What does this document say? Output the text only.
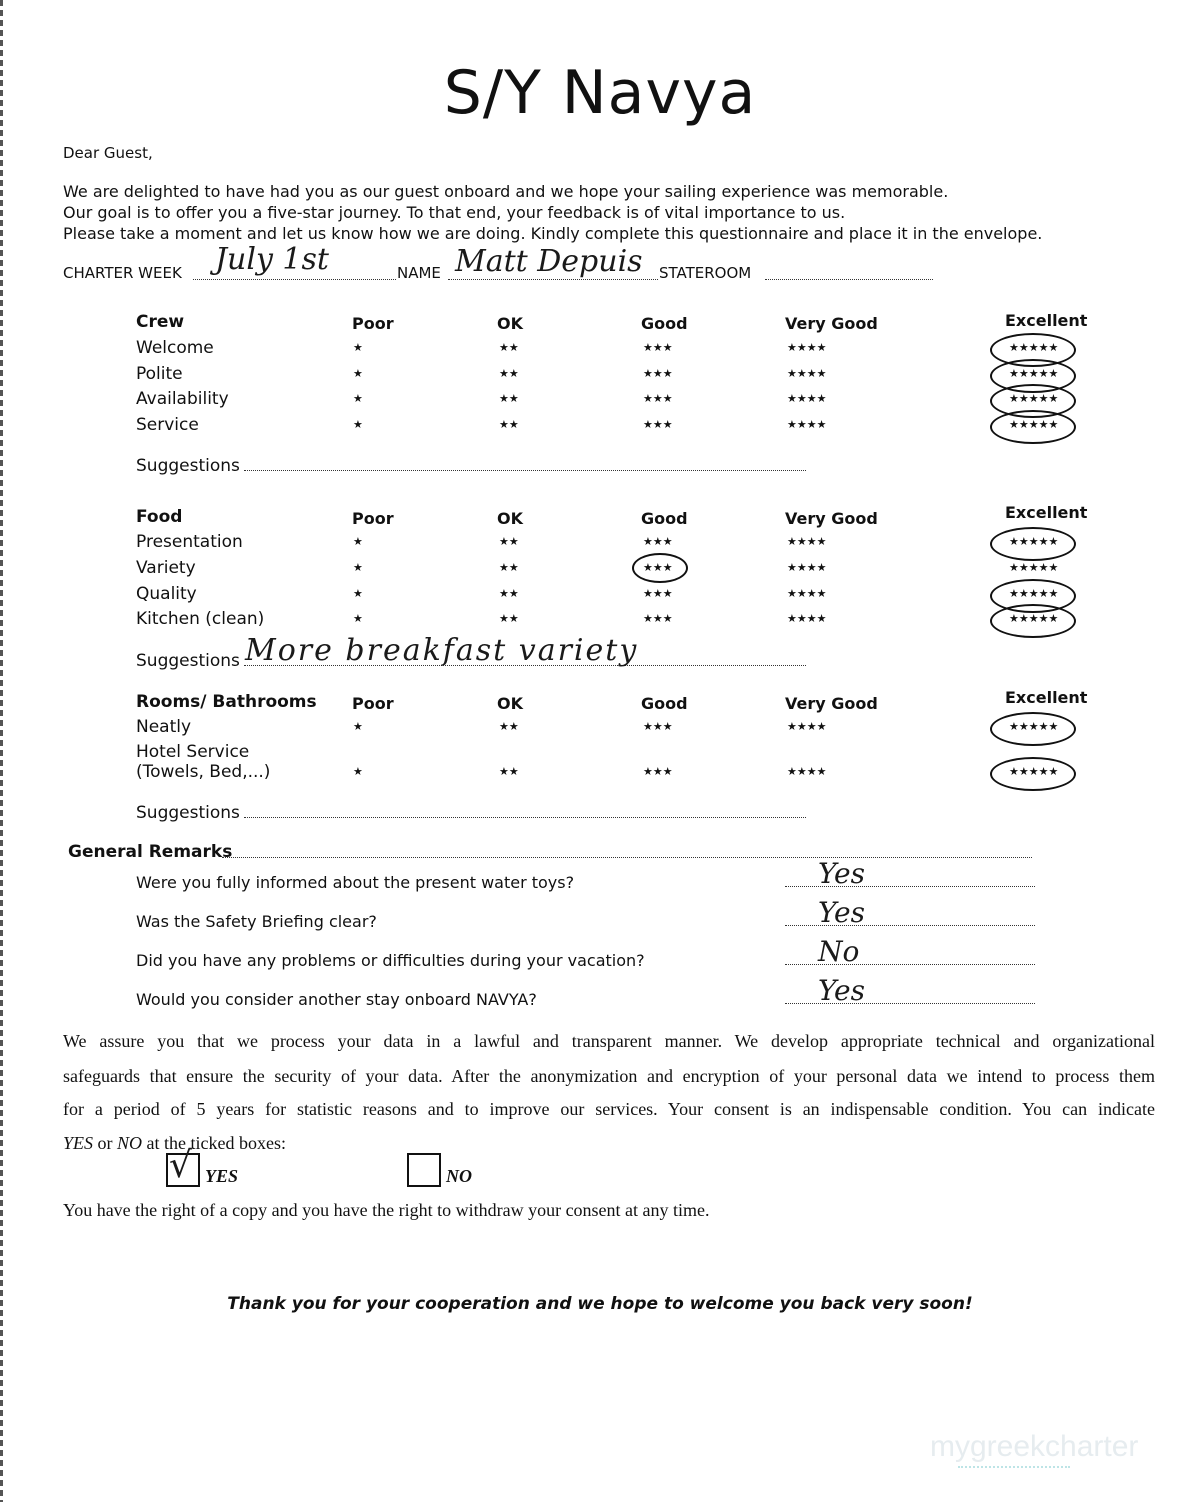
S/Y Navya
Dear Guest,
We are delighted to have had you as our guest onboard and we hope your sailing experience was memorable.
Our goal is to offer you a five-star journey. To that end, your feedback is of vital importance to us.
Please take a moment and let us know how we are doing. Kindly complete this questionnaire and place it in the envelope.
CHARTER WEEK July 1st	NAME Matt Depuis STATEROOM
Crew	Poor	OK	Good	Very Good	Excellent
Welcome	★	★★	★★★	★★★★	★★★★★
Polite	★	★★	★★★	★★★★	★★★★★
Availability	★	★★	★★★	★★★★	★★★★★
Service	★	★★	★★★	★★★★	★★★★★
Suggestions
Food	Poor	OK	Good	Very Good	Excellent
Presentation	★	★★	★★★	★★★★	★★★★★
Variety	★	★★	★★★	★★★★	★★★★★
Quality	★	★★	★★★	★★★★	★★★★★
Kitchen (clean)	★	★★	★★★	★★★★	★★★★★
Suggestions More breakfast variety
Rooms/ Bathrooms Poor	OK	Good	Very Good	Excellent
Neatly	★	★★	★★★	★★★★	★★★★★
Hotel Service
(Towels, Bed,...)	★	★★	★★★	★★★★	★★★★★
Suggestions
General Remarks
Were you fully informed about the present water toys?	Yes
Was the Safety Briefing clear?	Yes
Did you have any problems or difficulties during your vacation?	No
Would you consider another stay onboard NAVYA?	Yes
We assure you that we process your data in a lawful and transparent manner. We develop appropriate technical and organizational
safeguards that ensure the security of your data. After the anonymization and encryption of your personal data we intend to process them
for a period of 5 years for statistic reasons and to improve our services. Your consent is an indispensable condition. You can indicate
YES or NO at the ticked boxes:
√ YES	NO
You have the right of a copy and you have the right to withdraw your consent at any time.
Thank you for your cooperation and we hope to welcome you back very soon!
mygreekcharter
